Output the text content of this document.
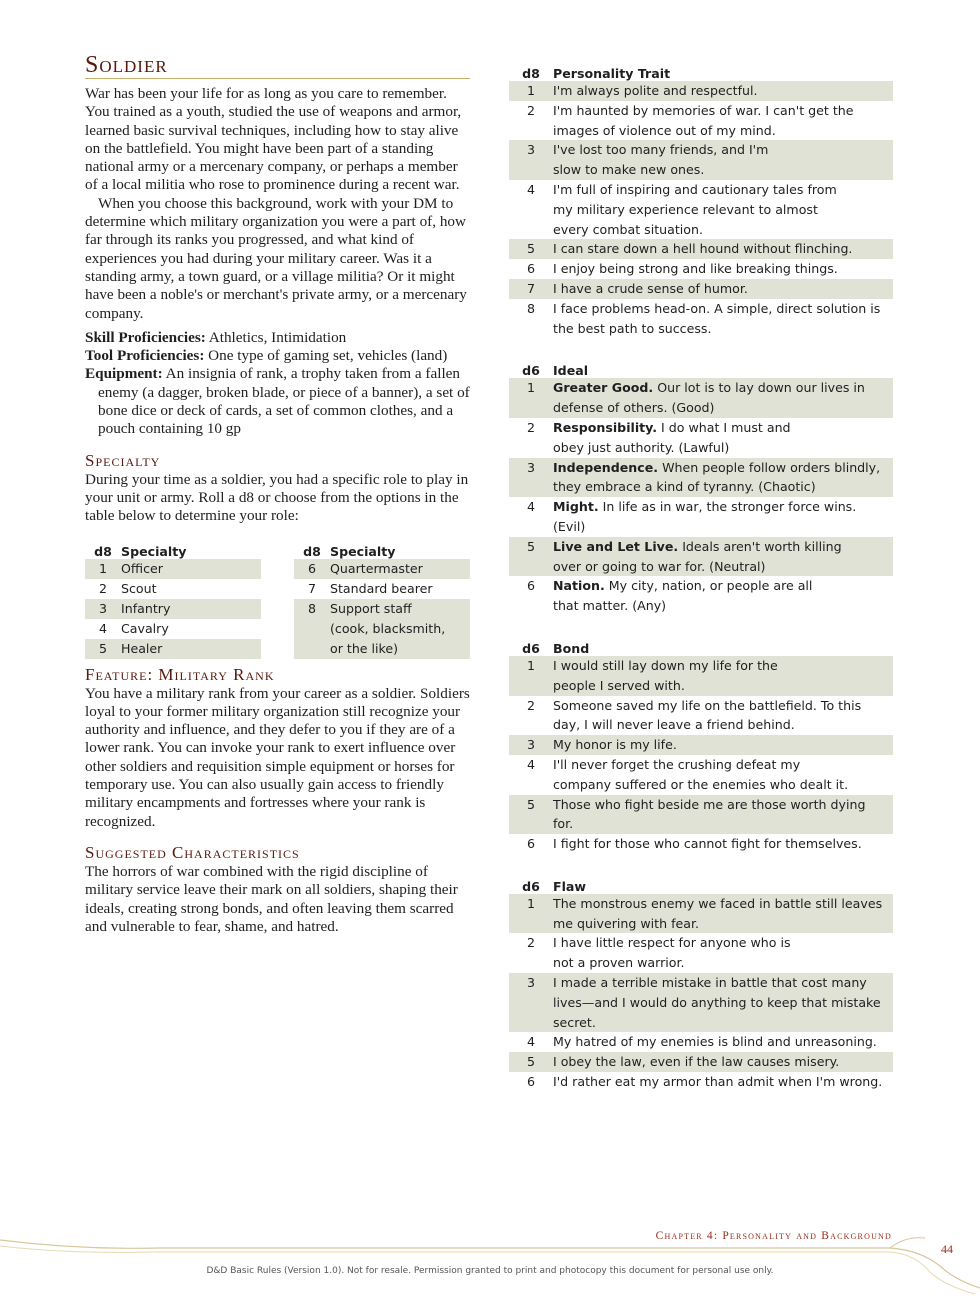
Soldier

War has been your life for as long as you care to remember. You trained as a youth, studied the use of weapons and armor, learned basic survival techniques, including how to stay alive on the battlefield. You might have been part of a standing national army or a mercenary company, or perhaps a member of a local militia who rose to prominence during a recent war.

When you choose this background, work with your DM to determine which military organization you were a part of, how far through its ranks you progressed, and what kind of experiences you had during your military career. Was it a standing army, a town guard, or a village militia? Or it might have been a noble's or merchant's private army, or a mercenary company.

Skill Proficiencies: Athletics, Intimidation

Tool Proficiencies: One type of gaming set, vehicles (land)

Equipment: An insignia of rank, a trophy taken from a fallen enemy (a dagger, broken blade, or piece of a banner), a set of bone dice or deck of cards, a set of common clothes, and a pouch containing 10 gp

Specialty

During your time as a soldier, you had a specific role to play in your unit or army. Roll a d8 or choose from the options in the table below to determine your role:

d8	Specialty
1	Officer
2	Scout
3	Infantry
4	Cavalry
5	Healer
d8	Specialty
6	Quartermaster
7	Standard bearer
8	Support staff (cook, blacksmith, or the like)
Feature: Military Rank

You have a military rank from your career as a soldier. Soldiers loyal to your former military organization still recognize your authority and influence, and they defer to you if they are of a lower rank. You can invoke your rank to exert influence over other soldiers and requisition simple equipment or horses for temporary use. You can also usually gain access to friendly military encampments and fortresses where your rank is recognized.

Suggested Characteristics

The horrors of war combined with the rigid discipline of military service leave their mark on all soldiers, shaping their ideals, creating strong bonds, and often leaving them scarred and vulnerable to fear, shame, and hatred.

d8	Personality Trait
1	I'm always polite and respectful.
2	I'm haunted by memories of war. I can't get the images of violence out of my mind.
3	I've lost too many friends, and I'm slow to make new ones.
4	I'm full of inspiring and cautionary tales from my military experience relevant to almost every combat situation.
5	I can stare down a hell hound without flinching.
6	I enjoy being strong and like breaking things.
7	I have a crude sense of humor.
8	I face problems head-on. A simple, direct solution is the best path to success.
d6	Ideal
1	Greater Good. Our lot is to lay down our lives in defense of others. (Good)
2	Responsibility. I do what I must and obey just authority. (Lawful)
3	Independence. When people follow orders blindly, they embrace a kind of tyranny. (Chaotic)
4	Might. In life as in war, the stronger force wins. (Evil)
5	Live and Let Live. Ideals aren't worth killing over or going to war for. (Neutral)
6	Nation. My city, nation, or people are all that matter. (Any)
d6	Bond
1	I would still lay down my life for the people I served with.
2	Someone saved my life on the battlefield. To this day, I will never leave a friend behind.
3	My honor is my life.
4	I'll never forget the crushing defeat my company suffered or the enemies who dealt it.
5	Those who fight beside me are those worth dying for.
6	I fight for those who cannot fight for themselves.
d6	Flaw
1	The monstrous enemy we faced in battle still leaves me quivering with fear.
2	I have little respect for anyone who is not a proven warrior.
3	I made a terrible mistake in battle that cost many lives—and I would do anything to keep that mistake secret.
4	My hatred of my enemies is blind and unreasoning.
5	I obey the law, even if the law causes misery.
6	I'd rather eat my armor than admit when I'm wrong.
Chapter 4: Personality and Background
44
D&D Basic Rules (Version 1.0). Not for resale. Permission granted to print and photocopy this document for personal use only.
